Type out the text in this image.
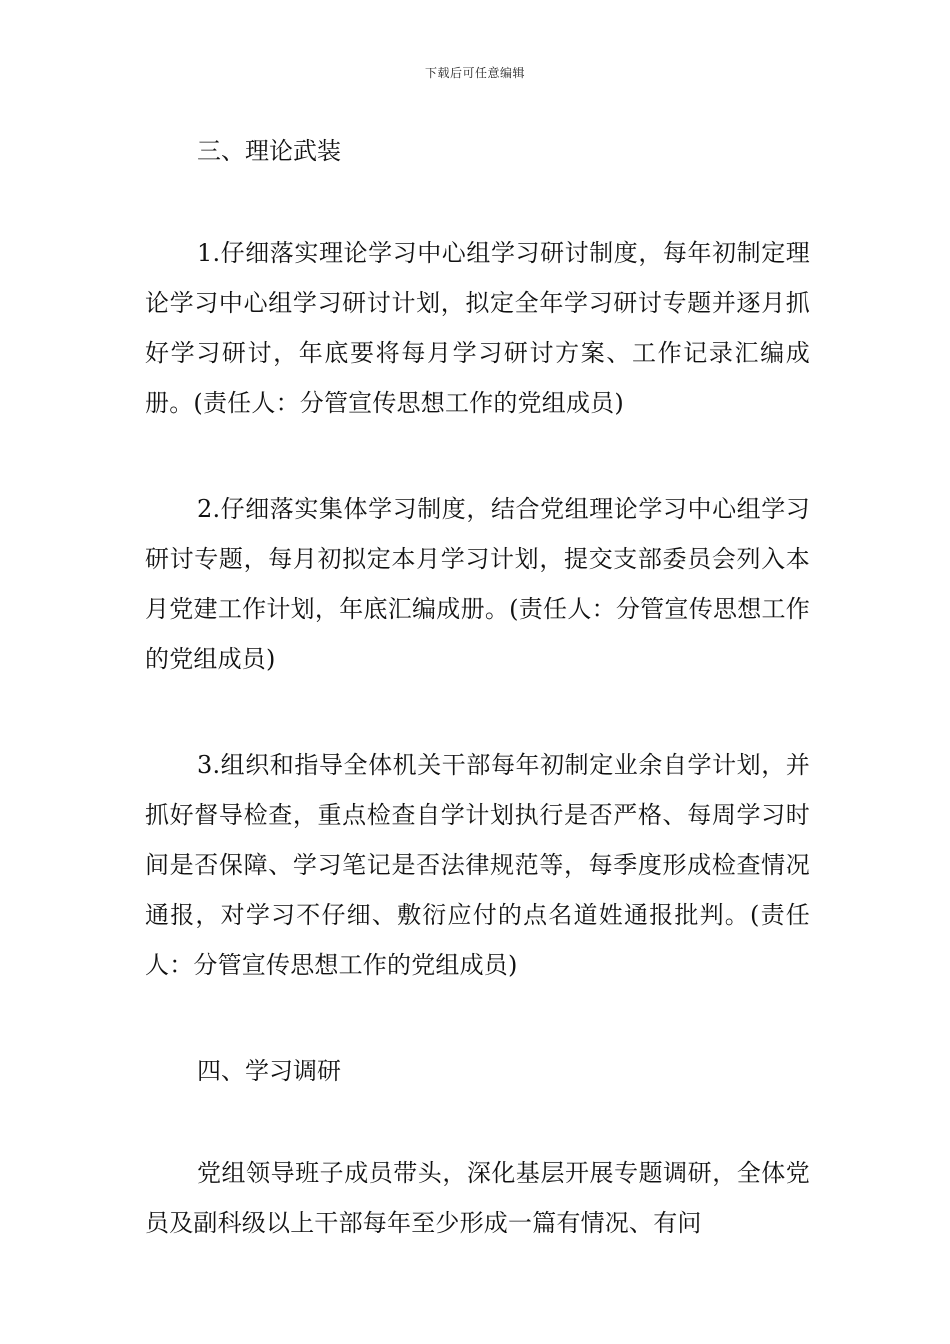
下载后可任意编辑
三、理论武装

1.仔细落实理论学习中心组学习研讨制度，每年初制定理论学习中心组学习研讨计划，拟定全年学习研讨专题并逐月抓好学习研讨，年底要将每月学习研讨方案、工作记录汇编成册。(责任人：分管宣传思想工作的党组成员)

2.仔细落实集体学习制度，结合党组理论学习中心组学习研讨专题，每月初拟定本月学习计划，提交支部委员会列入本月党建工作计划，年底汇编成册。(责任人：分管宣传思想工作的党组成员)

3.组织和指导全体机关干部每年初制定业余自学计划，并抓好督导检查，重点检查自学计划执行是否严格、每周学习时间是否保障、学习笔记是否法律规范等，每季度形成检查情况通报，对学习不仔细、敷衍应付的点名道姓通报批判。(责任人：分管宣传思想工作的党组成员)

四、学习调研

党组领导班子成员带头，深化基层开展专题调研，全体党员及副科级以上干部每年至少形成一篇有情况、有问
